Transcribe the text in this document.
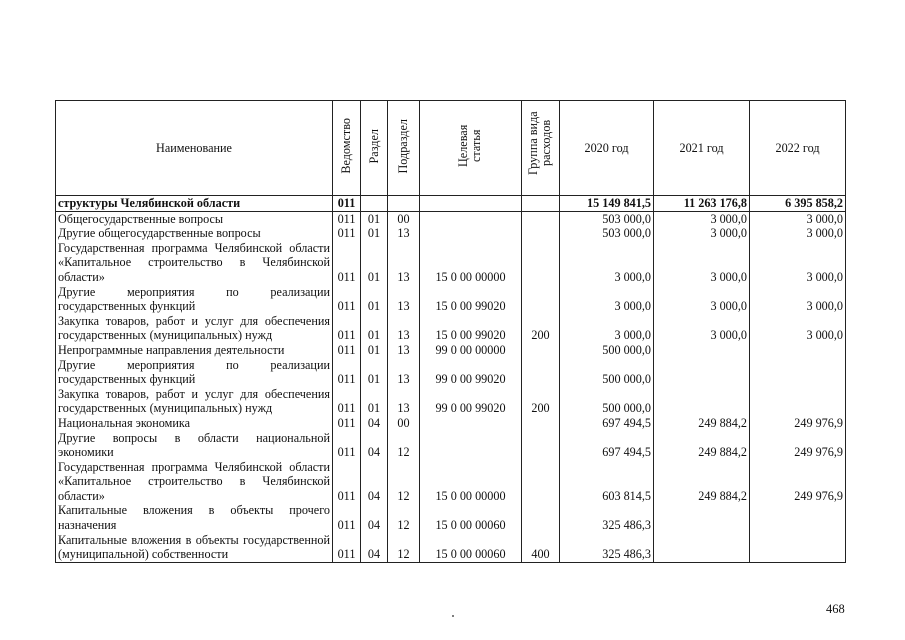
Наименование	Ведомство	Раздел	Подраздел	Целевая статья	Группа вида расходов	2020 год	2021 год	2022 год
структуры Челябинской области	011					15 149 841,5	11 263 176,8	6 395 858,2
Общегосударственные вопросы	011	01	00			503 000,0	3 000,0	3 000,0
Другие общегосударственные вопросы	011	01	13			503 000,0	3 000,0	3 000,0
Государственная программа Челябинской области «Капитальное строительство в Челябинской области»	011	01	13	15 0 00 00000		3 000,0	3 000,0	3 000,0
Другие мероприятия по реализации государственных функций	011	01	13	15 0 00 99020		3 000,0	3 000,0	3 000,0
Закупка товаров, работ и услуг для обеспечения государственных (муниципальных) нужд	011	01	13	15 0 00 99020	200	3 000,0	3 000,0	3 000,0
Непрограммные направления деятельности	011	01	13	99 0 00 00000		500 000,0		
Другие мероприятия по реализации государственных функций	011	01	13	99 0 00 99020		500 000,0		
Закупка товаров, работ и услуг для обеспечения государственных (муниципальных) нужд	011	01	13	99 0 00 99020	200	500 000,0		
Национальная экономика	011	04	00			697 494,5	249 884,2	249 976,9
Другие вопросы в области национальной экономики	011	04	12			697 494,5	249 884,2	249 976,9
Государственная программа Челябинской области «Капитальное строительство в Челябинской области»	011	04	12	15 0 00 00000		603 814,5	249 884,2	249 976,9
Капитальные вложения в объекты прочего назначения	011	04	12	15 0 00 00060		325 486,3		
Капитальные вложения в объекты государственной (муниципальной) собственности	011	04	12	15 0 00 00060	400	325 486,3		
468
